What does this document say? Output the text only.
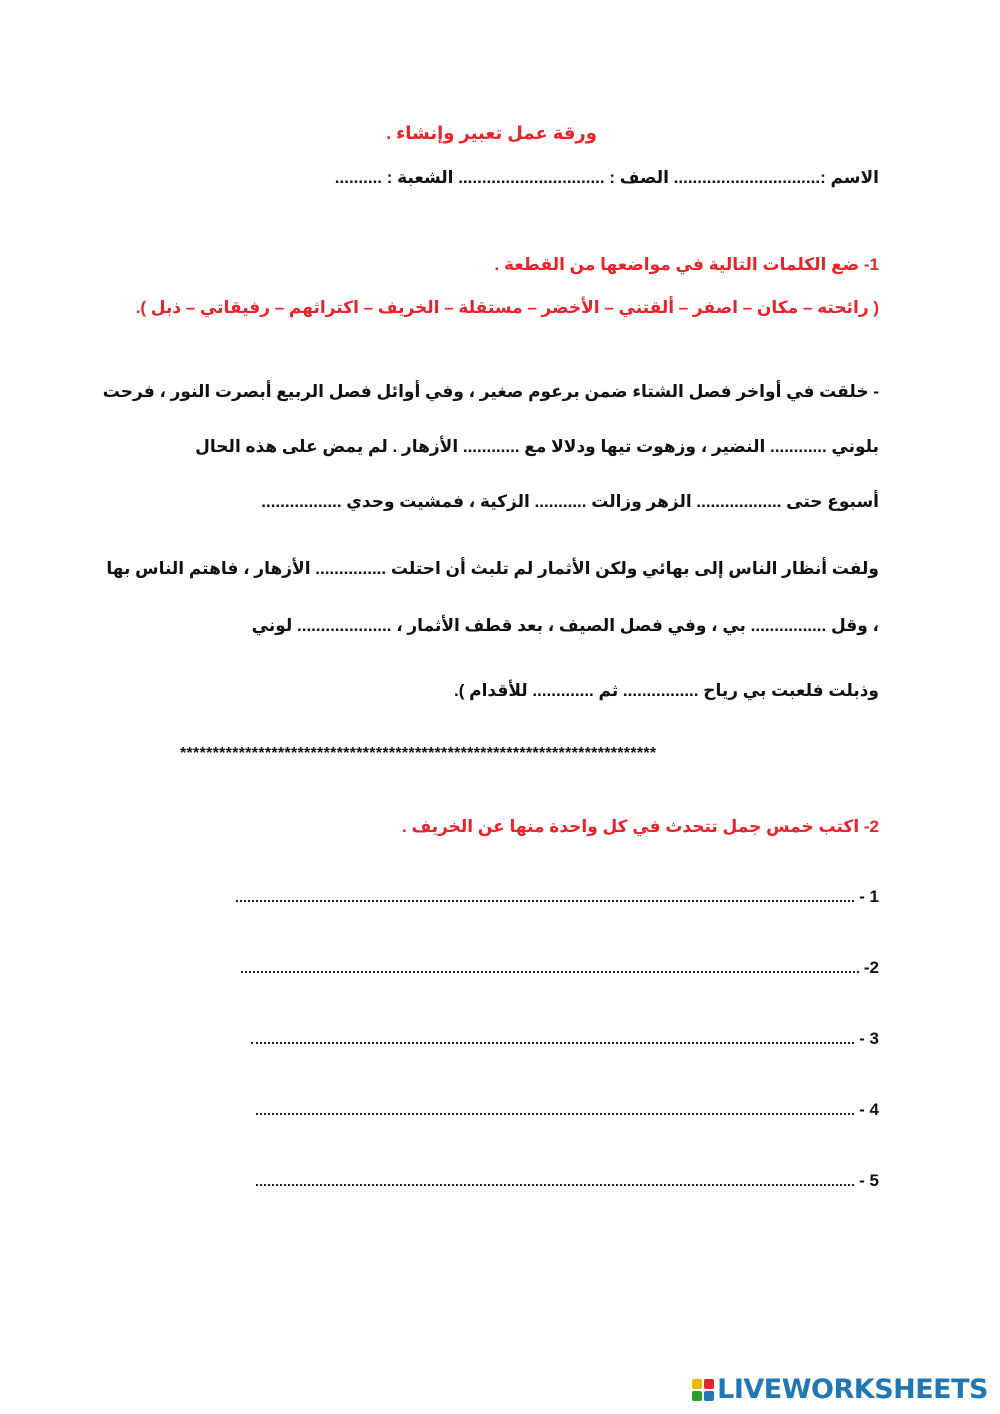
ورقة عمل تعبير وإنشاء .
الاسم :............................... الصف : ............................... الشعبة : ..........
1- ضع الكلمات التالية في مواضعها من القطعة .
( رائحته – مكان – اصفر – ألقتني – الأخضر – مستقلة – الخريف – اكتراثهم – رفيقاتي – ذبل ).
- خلقت في أواخر فصل الشتاء ضمن برعوم صغير ، وفي أوائل فصل الربيع أبصرت النور ، فرحت
بلوني ............ النضير ، وزهوت تيها ودلالا مع ............ الأزهار . لم يمض على هذه الحال
أسبوع حتى .................. الزهر وزالت ........... الزكية ، فمشيت وحدي .................
ولفت أنظار الناس إلى بهائي ولكن الأثمار لم تلبث أن احتلت ............... الأزهار ، فاهتم الناس بها
، وقل ................ بي ، وفي فصل الصيف ، بعد قطف الأثمار ، .................... لوني
وذبلت فلعبت بي رياح ................ ثم ............. للأقدام ).
*************************************************************************
2- اكتب خمس جمل تتحدث في كل واحدة منها عن الخريف .
1 -
2-
3 -
4 -
5 -
LIVEWORKSHEETS
